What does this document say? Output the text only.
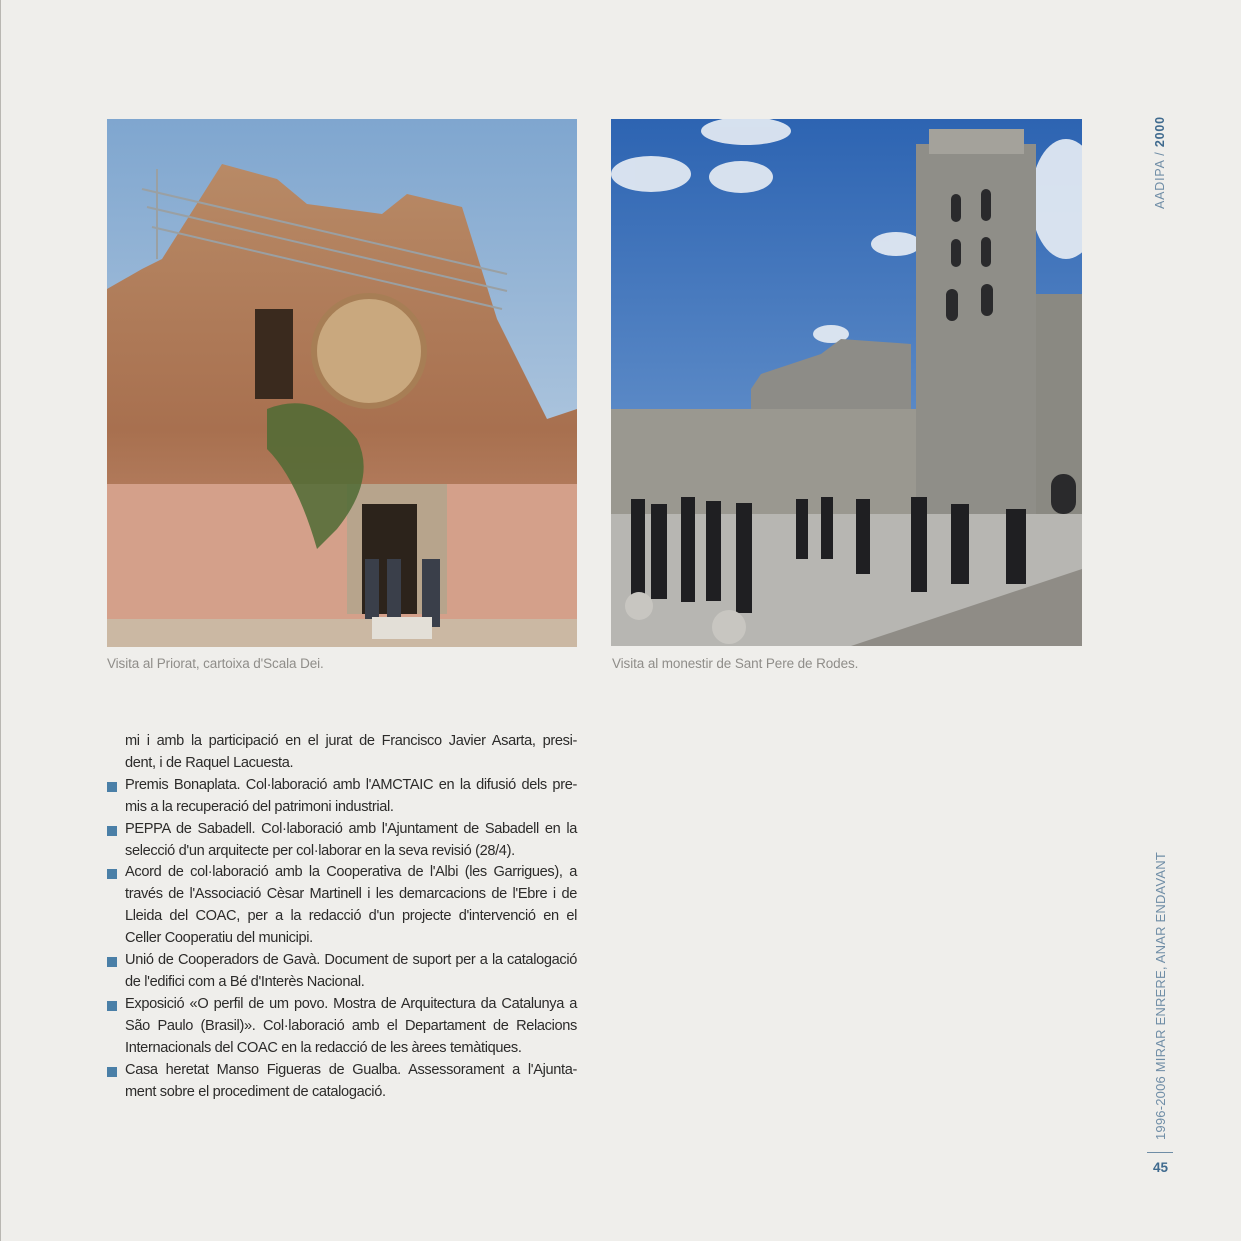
Visita al Priorat, cartoixa d'Scala Dei.	Visita al monestir de Sant Pere de Rodes.
mi i amb la participació en el jurat de Francisco Javier Asarta, presi-
dent, i de Raquel Lacuesta.
Premis Bonaplata. Col·laboració amb l'AMCTAIC en la difusió dels pre-
mis a la recuperació del patrimoni industrial.
PEPPA de Sabadell. Col·laboració amb l'Ajuntament de Sabadell en la
selecció d'un arquitecte per col·laborar en la seva revisió (28/4).
Acord de col·laboració amb la Cooperativa de l'Albi (les Garrigues), a
través de l'Associació Cèsar Martinell i les demarcacions de l'Ebre i de
Lleida del COAC, per a la redacció d'un projecte d'intervenció en el
Celler Cooperatiu del municipi.
Unió de Cooperadors de Gavà. Document de suport per a la catalogació
de l'edifici com a Bé d'Interès Nacional.
Exposició «O perfil de um povo. Mostra de Arquitectura da Catalunya a
São Paulo (Brasil)». Col·laboració amb el Departament de Relacions
Internacionals del COAC en la redacció de les àrees temàtiques.
Casa heretat Manso Figueras de Gualba. Assessorament a l'Ajunta-
ment sobre el procediment de catalogació.
AADIPA / 2000
1996-2006 MIRAR ENRERE, ANAR ENDAVANT
45
